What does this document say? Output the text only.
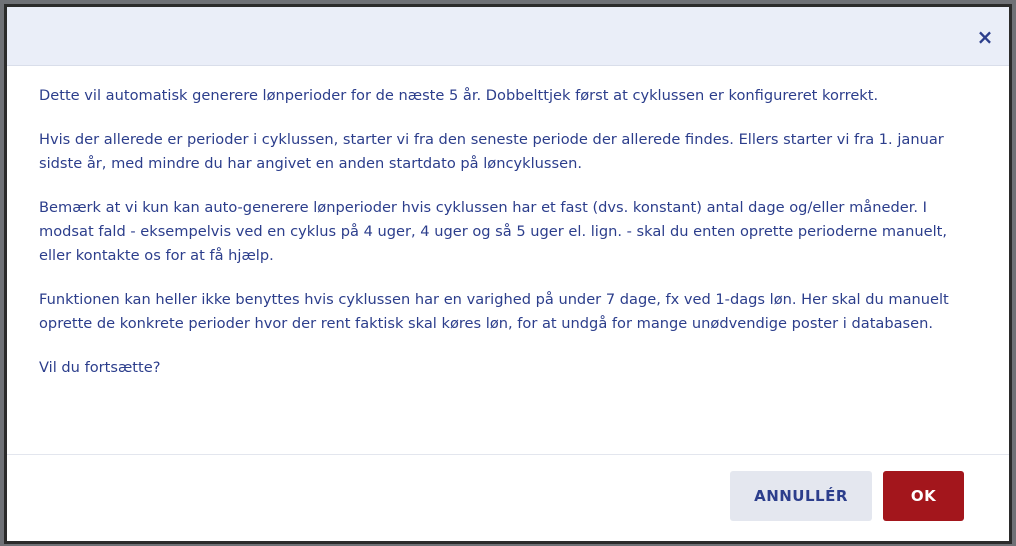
×

Dette vil automatisk generere lønperioder for de næste 5 år. Dobbelttjek først at cyklussen er konfigureret korrekt.

Hvis der allerede er perioder i cyklussen, starter vi fra den seneste periode der allerede findes. Ellers starter vi fra 1. januar sidste år, med mindre du har angivet en anden startdato på løncyklussen.

Bemærk at vi kun kan auto-generere lønperioder hvis cyklussen har et fast (dvs. konstant) antal dage og/eller måneder. I modsat fald - eksempelvis ved en cyklus på 4 uger, 4 uger og så 5 uger el. lign. - skal du enten oprette perioderne manuelt, eller kontakte os for at få hjælp.

Funktionen kan heller ikke benyttes hvis cyklussen har en varighed på under 7 dage, fx ved 1-dags løn. Her skal du manuelt oprette de konkrete perioder hvor der rent faktisk skal køres løn, for at undgå for mange unødvendige poster i databasen.

Vil du fortsætte?

ANNULLÉR	OK
